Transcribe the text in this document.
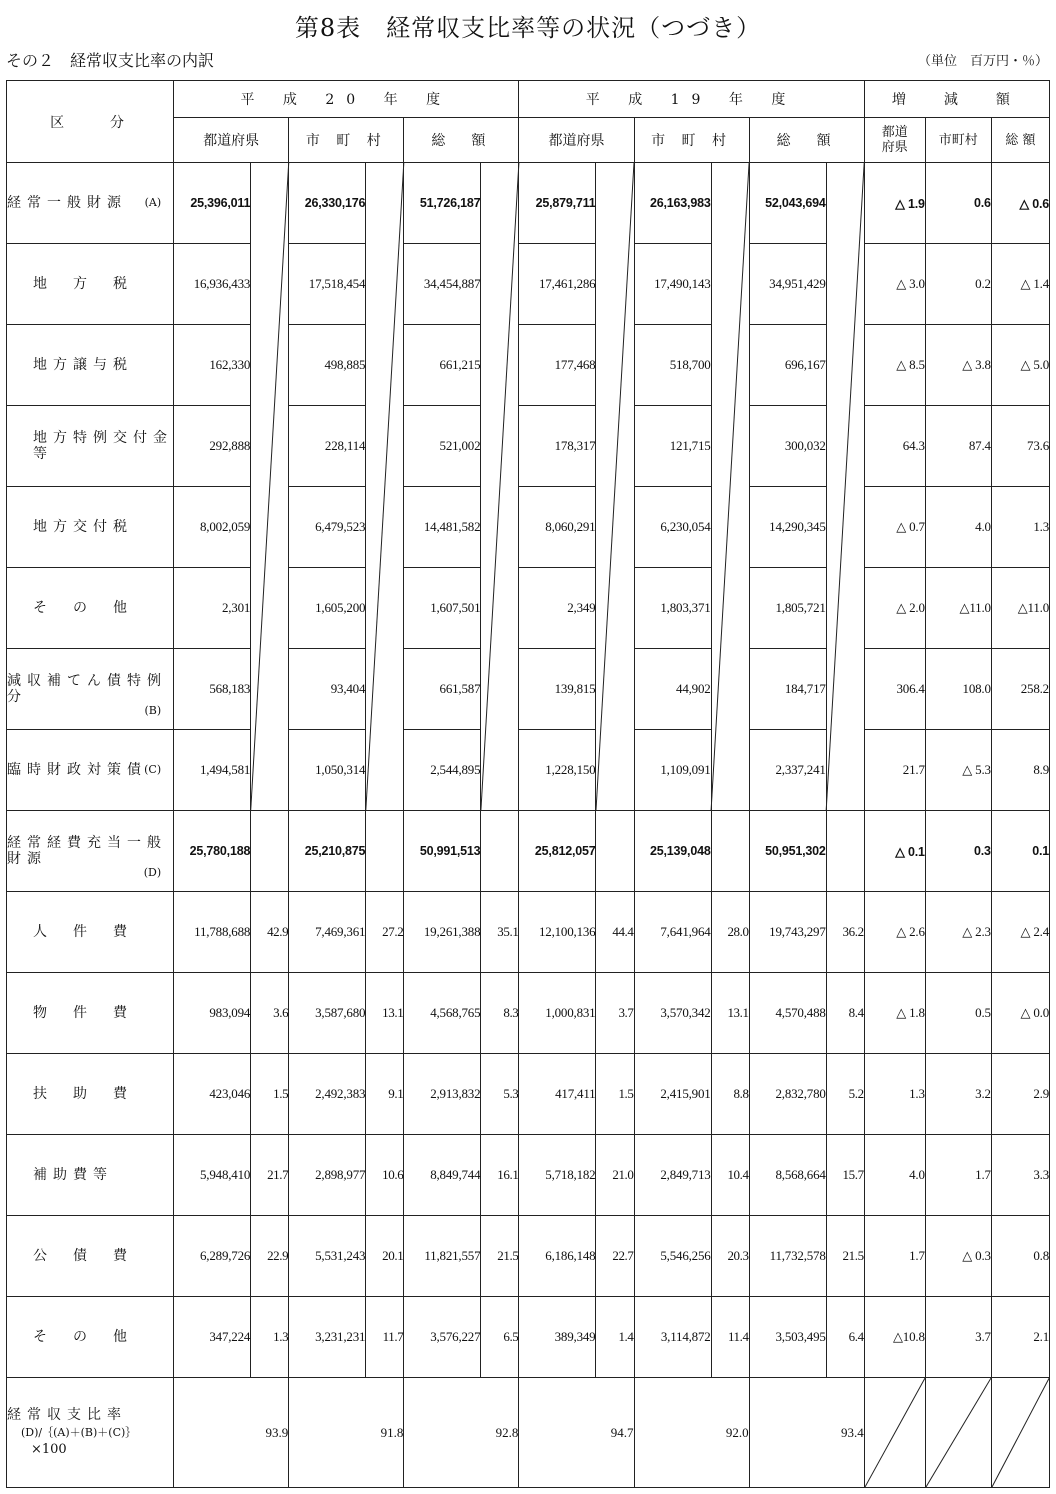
第8表　経常収支比率等の状況（つづき）
その２　経常収支比率の内訳	（単位　百万円・％）
区　　分	平 成 20 年 度						平 成 19 年 度						増　減　額		
	都道府県		市 町 村		総　額		都道府県		市 町 村		総　額		都道
府県	市町村	総 額
経常一般財源 (A)	25,396,011		26,330,176		51,726,187		25,879,711		26,163,983		52,043,694		△ 1.9	0.6	△ 0.6
地　方　税	16,936,433		17,518,454		34,454,887		17,461,286		17,490,143		34,951,429		△ 3.0	0.2	△ 1.4
地方譲与税	162,330		498,885		661,215		177,468		518,700		696,167		△ 8.5	△ 3.8	△ 5.0
地方特例交付金等	292,888		228,114		521,002		178,317		121,715		300,032		64.3	87.4	73.6
地方交付税	8,002,059		6,479,523		14,481,582		8,060,291		6,230,054		14,290,345		△ 0.7	4.0	1.3
そ　の　他	2,301		1,605,200		1,607,501		2,349		1,803,371		1,805,721		△ 2.0	△11.0	△11.0
減収補てん債特例分
(B)	568,183		93,404		661,587		139,815		44,902		184,717		306.4	108.0	258.2
臨時財政対策債
(C)	1,494,581		1,050,314		2,544,895		1,228,150		1,109,091		2,337,241		21.7	△ 5.3	8.9
経常経費充当一般財源
(D)	25,780,188		25,210,875		50,991,513		25,812,057		25,139,048		50,951,302		△ 0.1	0.3	0.1
人　件　費	11,788,688	42.9	7,469,361	27.2	19,261,388	35.1	12,100,136	44.4	7,641,964	28.0	19,743,297	36.2	△ 2.6	△ 2.3	△ 2.4
物　件　費	983,094	3.6	3,587,680	13.1	4,568,765	8.3	1,000,831	3.7	3,570,342	13.1	4,570,488	8.4	△ 1.8	0.5	△ 0.0
扶　助　費	423,046	1.5	2,492,383	9.1	2,913,832	5.3	417,411	1.5	2,415,901	8.8	2,832,780	5.2	1.3	3.2	2.9
補助費等	5,948,410	21.7	2,898,977	10.6	8,849,744	16.1	5,718,182	21.0	2,849,713	10.4	8,568,664	15.7	4.0	1.7	3.3
公　債　費	6,289,726	22.9	5,531,243	20.1	11,821,557	21.5	6,186,148	22.7	5,546,256	20.3	11,732,578	21.5	1.7	△ 0.3	0.8
そ　の　他	347,224	1.3	3,231,231	11.7	3,576,227	6.5	389,349	1.4	3,114,872	11.4	3,503,495	6.4	△10.8	3.7	2.1
経常収支比率
(D)/｛(A)＋(B)＋(C)｝
×100	93.9		91.8		92.8		94.7		92.0		93.4	
